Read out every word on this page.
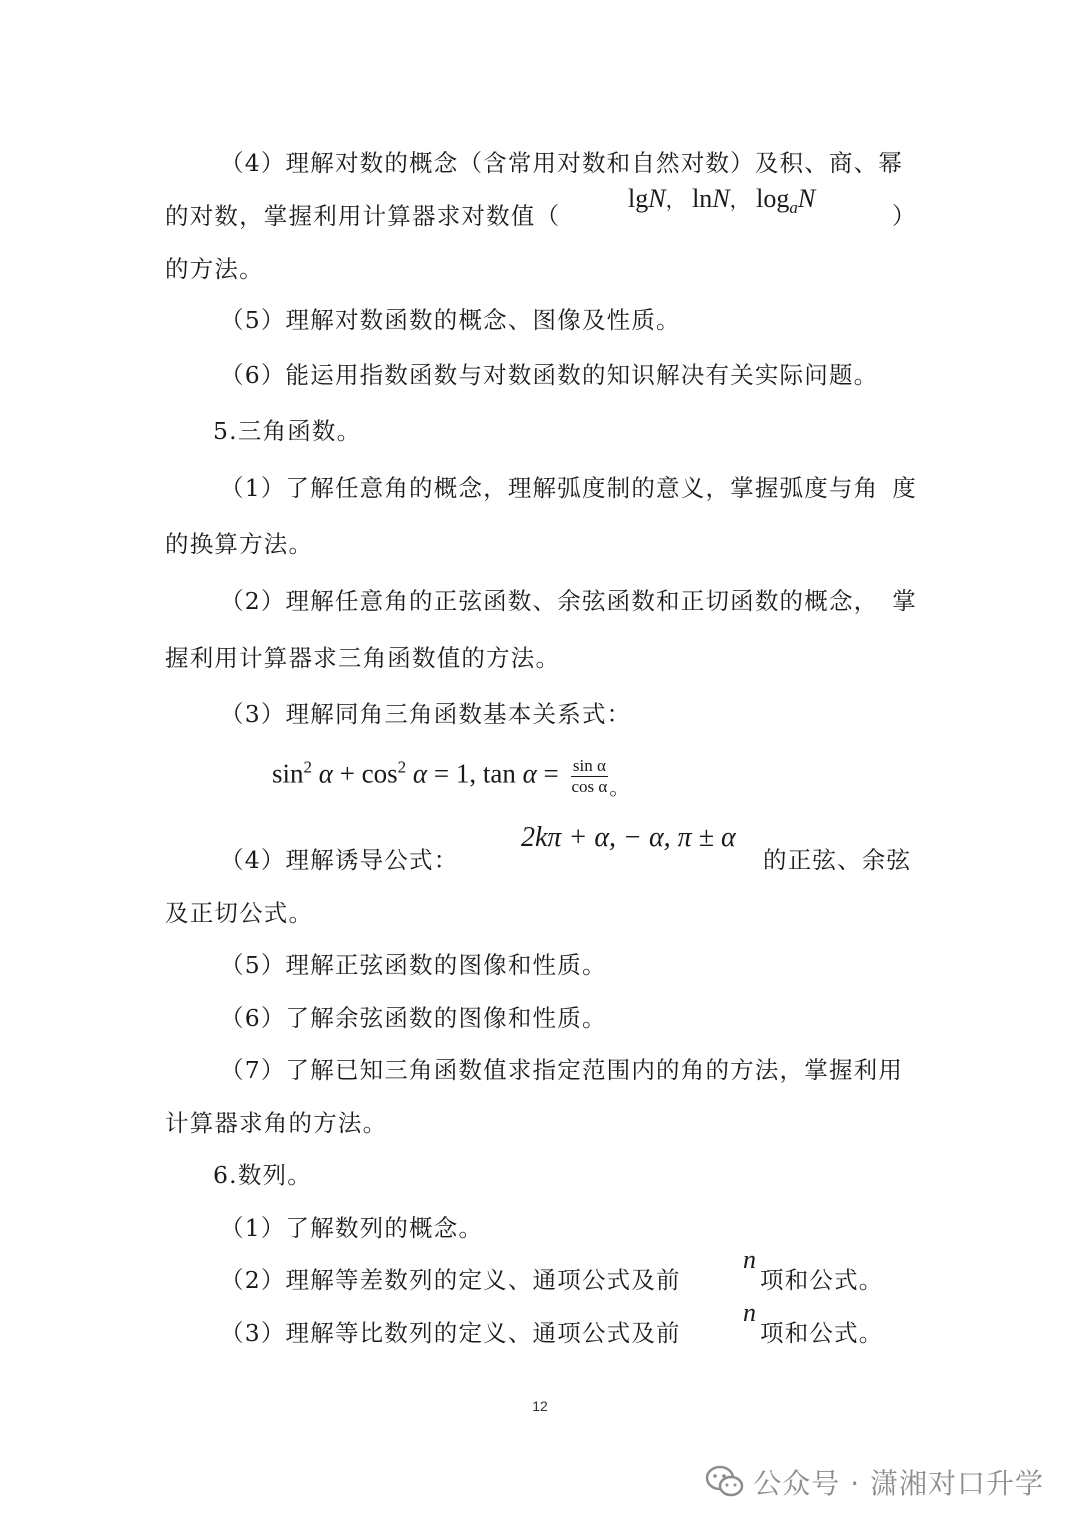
（4）理解对数的概念（含常用对数和自然对数）及积、商、幂
的对数，掌握利用计算器求对数值（	）
lgN， lnN， $\log_aN$
的方法。
（5）理解对数函数的概念、图像及性质。
（6）能运用指数函数与对数函数的知识解决有关实际问题。
5.三角函数。
（1）了解任意角的概念，理解弧度制的意义，掌握弧度与角 度
的换算方法。
（2）理解任意角的正弦函数、余弦函数和正切函数的概念， 掌
握利用计算器求三角函数值的方法。
（3）理解同角三角函数基本关系式：
$\sin^2 \alpha + \cos^2 \alpha = 1$, $\tan \alpha = \frac{\text{sin α}}{\text{cos α}} _。$
（4）理解诱导公式：	的正弦、余弦
2kπ + α, − α, π ± α
及正切公式。
（5）理解正弦函数的图像和性质。
（6）了解余弦函数的图像和性质。
（7）了解已知三角函数值求指定范围内的角的方法，掌握利用
计算器求角的方法。
6.数列。
（1）了解数列的概念。
（2）理解等差数列的定义、通项公式及前	项和公式。
n
（3）理解等比数列的定义、通项公式及前	项和公式。
n
12
公众号 · 潇湘对口升学
